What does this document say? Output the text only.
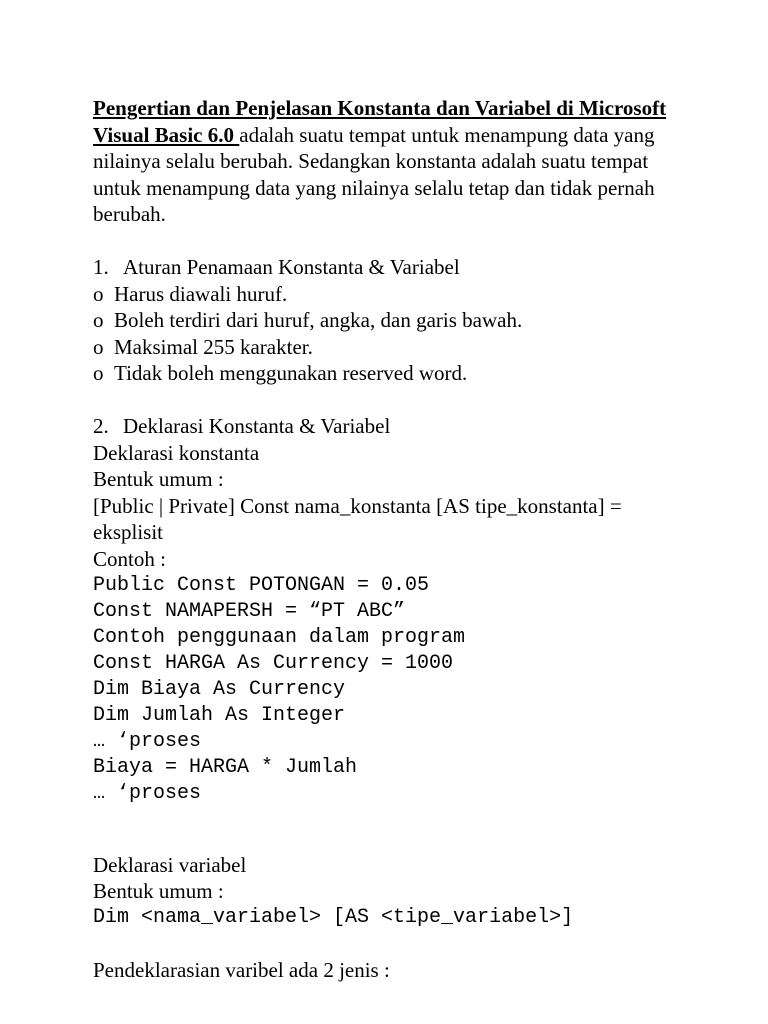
Pengertian dan Penjelasan Konstanta dan Variabel di Microsoft Visual Basic 6.0 adalah suatu tempat untuk menampung data yang nilainya selalu berubah. Sedangkan konstanta adalah suatu tempat untuk menampung data yang nilainya selalu tetap dan tidak pernah berubah.

1. Aturan Penamaan Konstanta & Variabel
o Harus diawali huruf.
o Boleh terdiri dari huruf, angka, dan garis bawah.
o Maksimal 255 karakter.
o Tidak boleh menggunakan reserved word.
2. Deklarasi Konstanta & Variabel

Deklarasi konstanta

Bentuk umum :

[Public | Private] Const nama_konstanta [AS tipe_konstanta] = eksplisit

Contoh :

Public Const POTONGAN = 0.05

Const NAMAPERSH = “PT ABC”

Contoh penggunaan dalam program

Const HARGA As Currency = 1000

Dim Biaya As Currency

Dim Jumlah As Integer

… ‘proses

Biaya = HARGA * Jumlah

… ‘proses

Deklarasi variabel

Bentuk umum :

Dim <nama_variabel> [AS <tipe_variabel>]

Pendeklarasian varibel ada 2 jenis :
